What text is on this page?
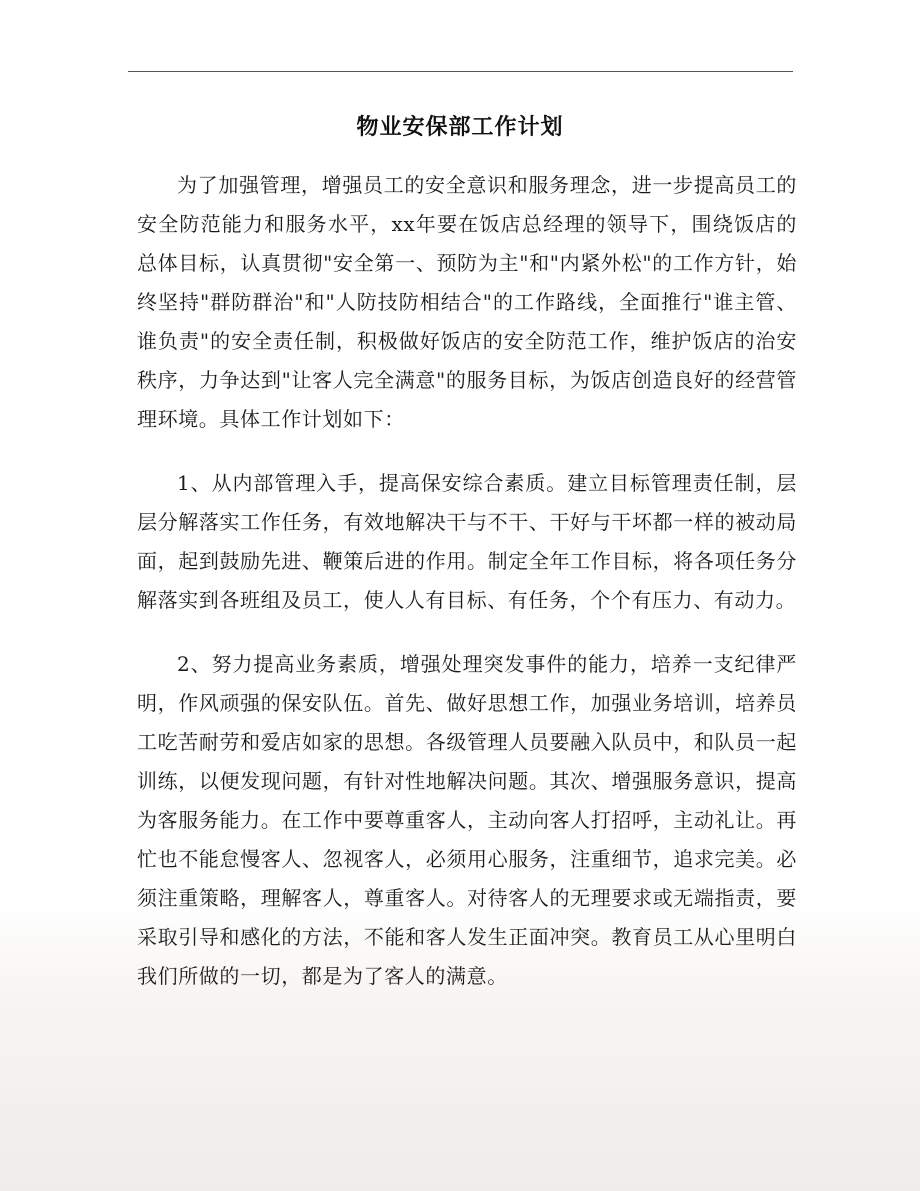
物业安保部工作计划

为了加强管理，增强员工的安全意识和服务理念，进一步提高员工的安全防范能力和服务水平，xx年要在饭店总经理的领导下，围绕饭店的总体目标，认真贯彻"安全第一、预防为主"和"内紧外松"的工作方针，始终坚持"群防群治"和"人防技防相结合"的工作路线，全面推行"谁主管、谁负责"的安全责任制，积极做好饭店的安全防范工作，维护饭店的治安秩序，力争达到"让客人完全满意"的服务目标，为饭店创造良好的经营管理环境。具体工作计划如下：

1、从内部管理入手，提高保安综合素质。建立目标管理责任制，层层分解落实工作任务，有效地解决干与不干、干好与干坏都一样的被动局面，起到鼓励先进、鞭策后进的作用。制定全年工作目标，将各项任务分解落实到各班组及员工，使人人有目标、有任务，个个有压力、有动力。

2、努力提高业务素质，增强处理突发事件的能力，培养一支纪律严明，作风顽强的保安队伍。首先、做好思想工作，加强业务培训，培养员工吃苦耐劳和爱店如家的思想。各级管理人员要融入队员中，和队员一起训练，以便发现问题，有针对性地解决问题。其次、增强服务意识，提高为客服务能力。在工作中要尊重客人，主动向客人打招呼，主动礼让。再忙也不能怠慢客人、忽视客人，必须用心服务，注重细节，追求完美。必须注重策略，理解客人，尊重客人。对待客人的无理要求或无端指责，要采取引导和感化的方法，不能和客人发生正面冲突。教育员工从心里明白我们所做的一切，都是为了客人的满意。
